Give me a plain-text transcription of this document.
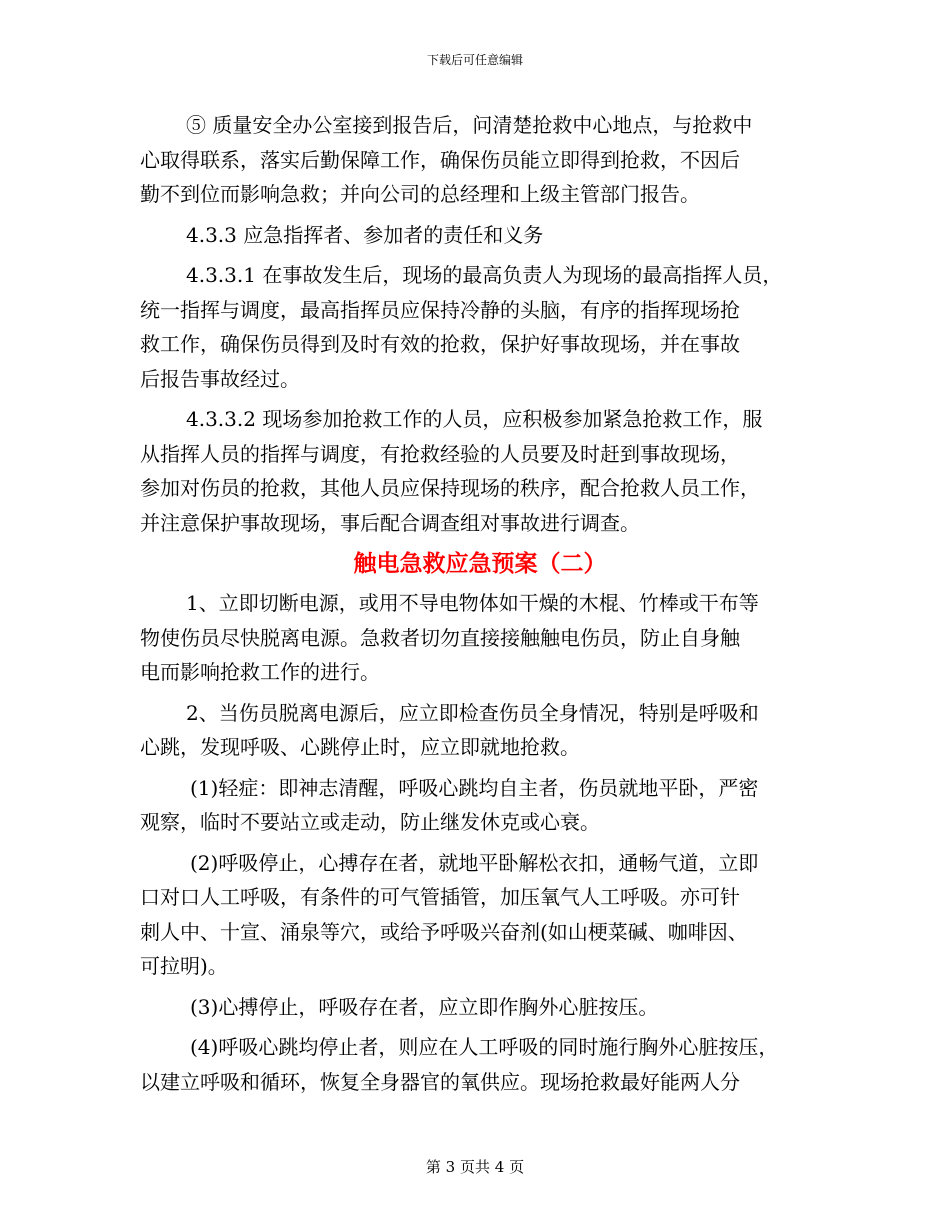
下载后可任意编辑
⑤ 质量安全办公室接到报告后，问清楚抢救中心地点，与抢救中
心取得联系，落实后勤保障工作，确保伤员能立即得到抢救，不因后
勤不到位而影响急救；并向公司的总经理和上级主管部门报告。
4.3.3 应急指挥者、参加者的责任和义务
4.3.3.1 在事故发生后，现场的最高负责人为现场的最高指挥人员，
统一指挥与调度，最高指挥员应保持冷静的头脑，有序的指挥现场抢
救工作，确保伤员得到及时有效的抢救，保护好事故现场，并在事故
后报告事故经过。
4.3.3.2 现场参加抢救工作的人员，应积极参加紧急抢救工作，服
从指挥人员的指挥与调度，有抢救经验的人员要及时赶到事故现场，
参加对伤员的抢救，其他人员应保持现场的秩序，配合抢救人员工作，
并注意保护事故现场，事后配合调查组对事故进行调查。
触电急救应急预案（二）
1、立即切断电源，或用不导电物体如干燥的木棍、竹棒或干布等
物使伤员尽快脱离电源。急救者切勿直接接触触电伤员，防止自身触
电而影响抢救工作的进行。
2、当伤员脱离电源后，应立即检查伤员全身情况，特别是呼吸和
心跳，发现呼吸、心跳停止时，应立即就地抢救。
(1)轻症：即神志清醒，呼吸心跳均自主者，伤员就地平卧，严密
观察，临时不要站立或走动，防止继发休克或心衰。
(2)呼吸停止，心搏存在者，就地平卧解松衣扣，通畅气道，立即
口对口人工呼吸，有条件的可气管插管，加压氧气人工呼吸。亦可针
刺人中、十宣、涌泉等穴，或给予呼吸兴奋剂(如山梗菜碱、咖啡因、
可拉明)。
(3)心搏停止，呼吸存在者，应立即作胸外心脏按压。
(4)呼吸心跳均停止者，则应在人工呼吸的同时施行胸外心脏按压，
以建立呼吸和循环，恢复全身器官的氧供应。现场抢救最好能两人分
第 3 页共 4 页
